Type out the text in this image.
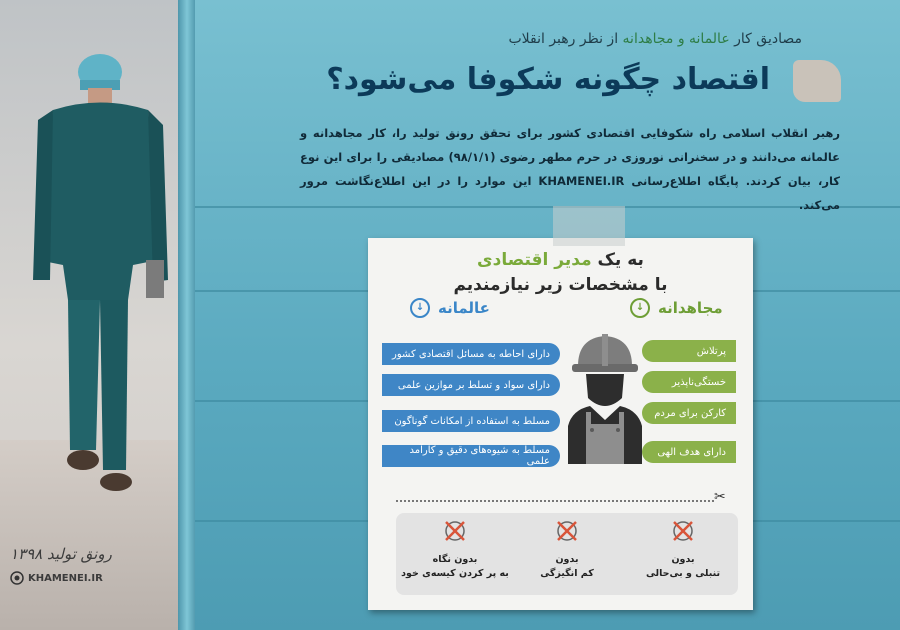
رونق تولید ۱۳۹۸
KHAMENEI.IR
مصادیق کار عالمانه و مجاهدانه از نظر رهبر انقلاب
اقتصاد چگونه شکوفا می‌شود؟
رهبر انقلاب اسلامی راه شکوفایی اقتصادی کشور برای تحقق رونق تولید را، کار مجاهدانه و عالمانه می‌دانند و در سخنرانی نوروزی در حرم مطهر رضوی (۹۸/۱/۱) مصادیقی را برای این نوع کار، بیان کردند. پایگاه اطلاع‌رسانی KHAMENEI.IR این موارد را در این اطلاع‌نگاشت مرور می‌کند.
به یک مدیر اقتصادی
با مشخصات زیر نیازمندیم
مجاهدانه
↓
عالمانه
↓
پرتلاش
خستگی‌ناپذیر
کارکن برای مردم
دارای هدف الهی
دارای احاطه به مسائل اقتصادی کشور
دارای سواد و تسلط بر موازین علمی
مسلط به استفاده از امکانات گوناگون
مسلط به شیوه‌های دقیق و کارآمد علمی
✂
بدون
تنبلی و بی‌حالی
بدون
کم انگیزگی
بدون نگاه
به پر کردن کیسه‌ی خود
